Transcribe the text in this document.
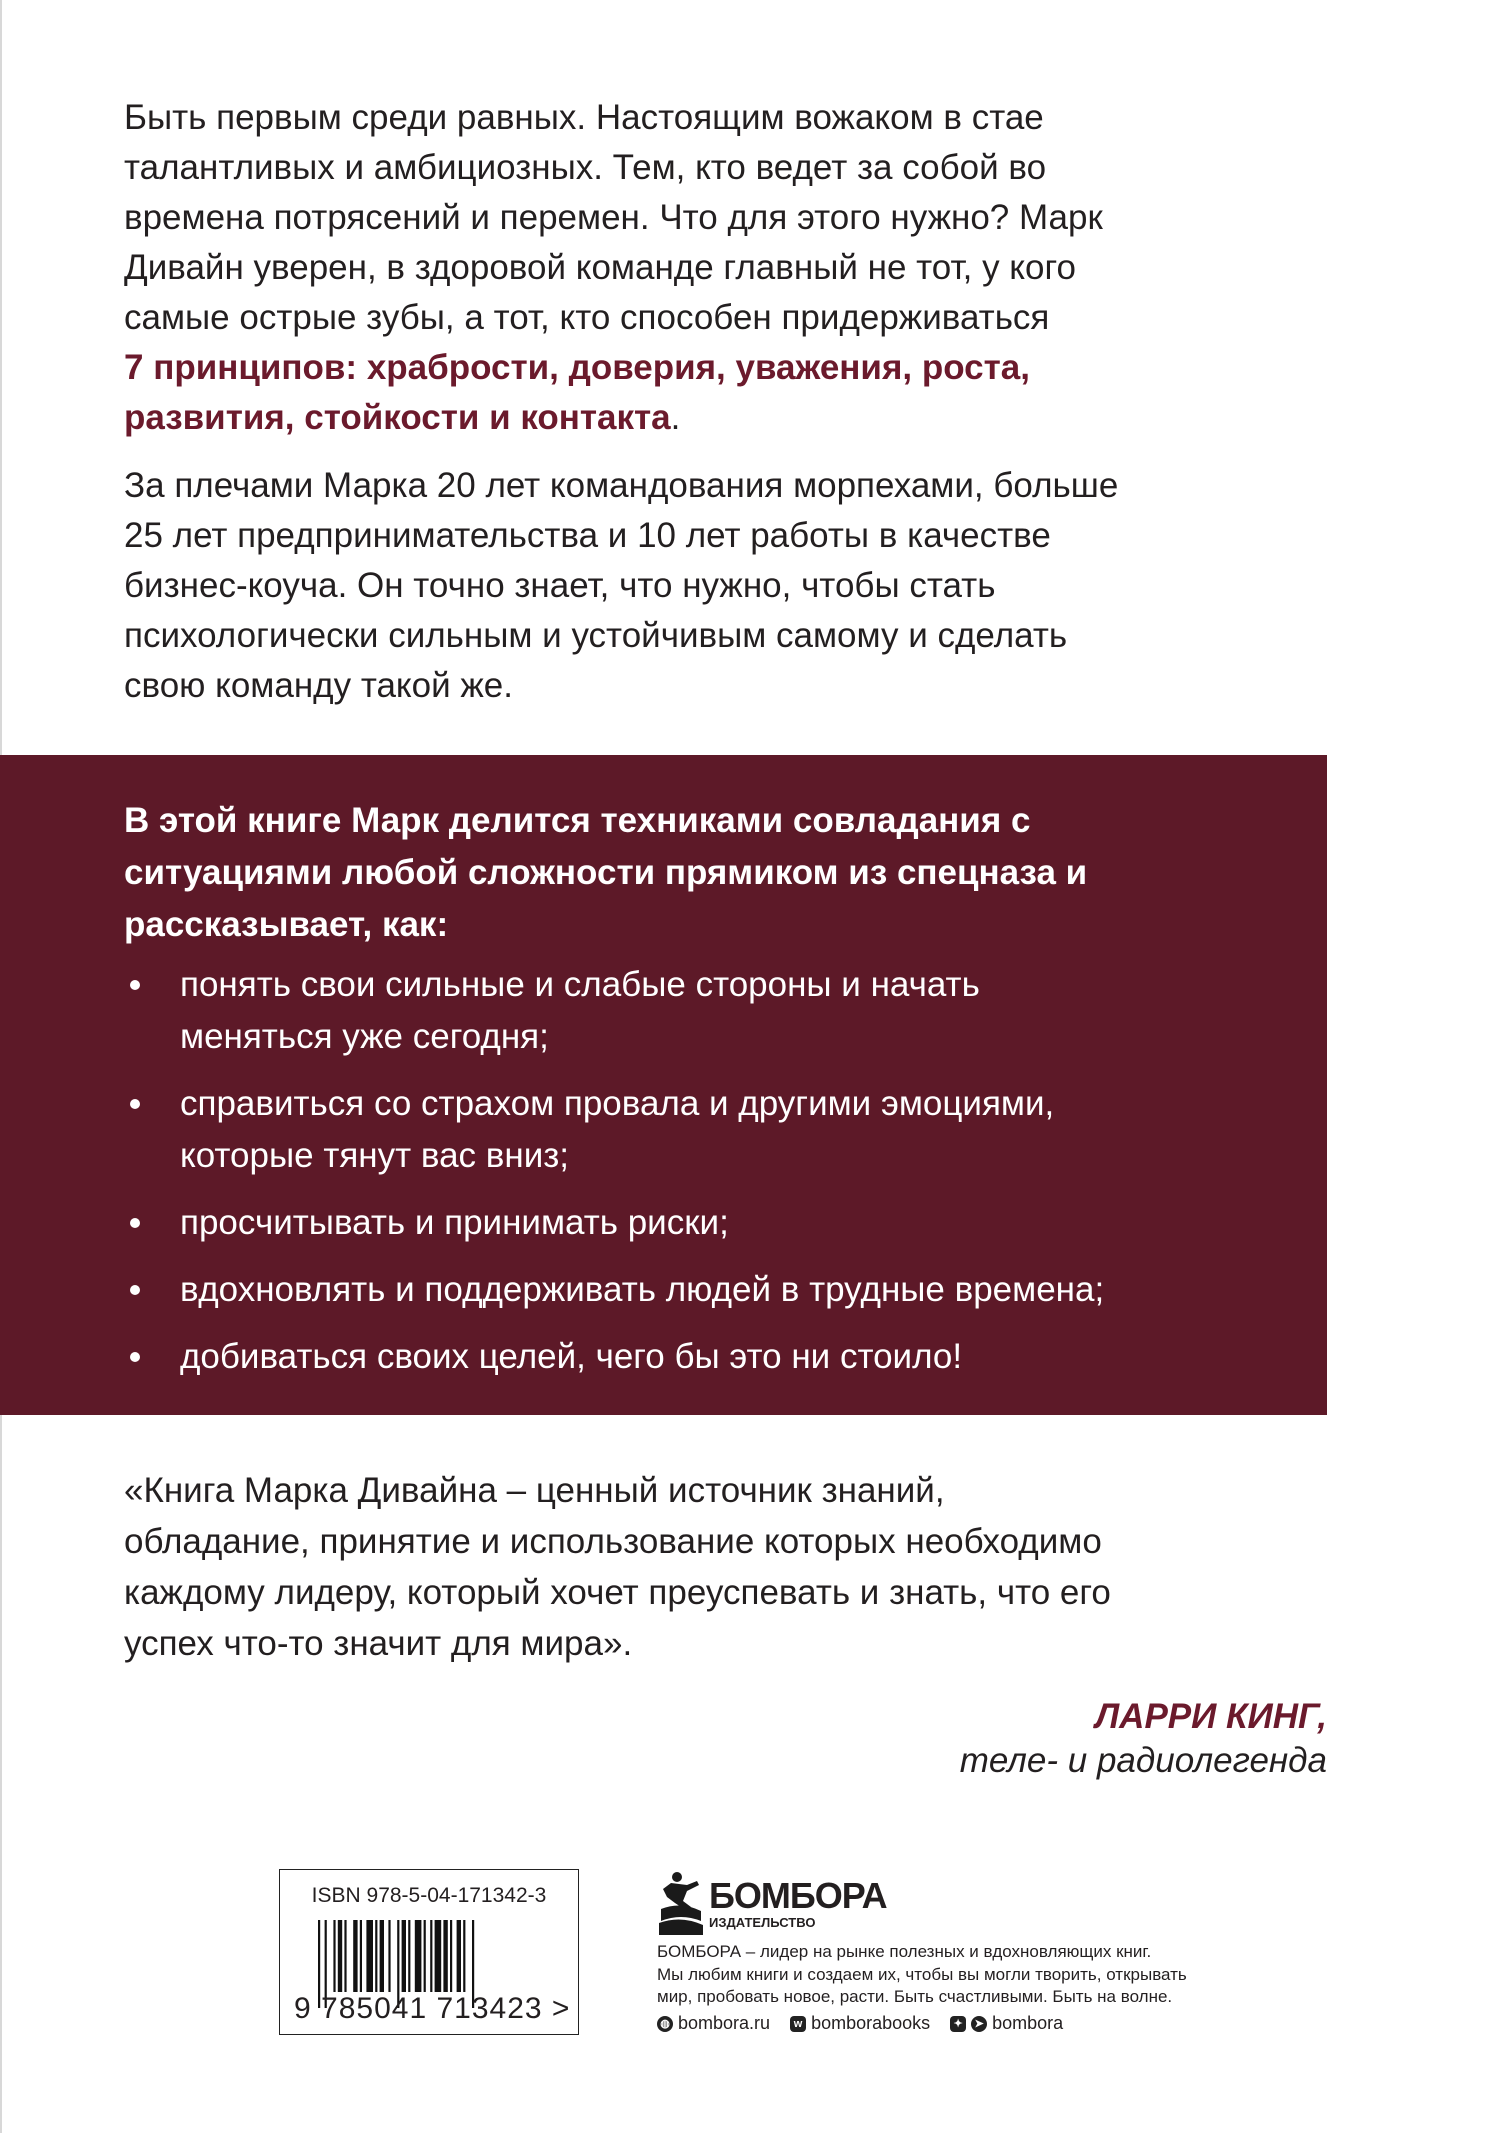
Быть первым среди равных. Настоящим вожаком в стае
талантливых и амбициозных. Тем, кто ведет за собой во
времена потрясений и перемен. Что для этого нужно? Марк
Дивайн уверен, в здоровой команде главный не тот, у кого
самые острые зубы, а тот, кто способен придерживаться
7 принципов: храбрости, доверия, уважения, роста,
развития, стойкости и контакта.
За плечами Марка 20 лет командования морпехами, больше
25 лет предпринимательства и 10 лет работы в качестве
бизнес-коуча. Он точно знает, что нужно, чтобы стать
психологически сильным и устойчивым самому и сделать
свою команду такой же.
В этой книге Марк делится техниками совладания с
ситуациями любой сложности прямиком из спецназа и
рассказывает, как:
понять свои сильные и слабые стороны и начать
меняться уже сегодня;
справиться со страхом провала и другими эмоциями,
которые тянут вас вниз;
просчитывать и принимать риски;
вдохновлять и поддерживать людей в трудные времена;
добиваться своих целей, чего бы это ни стоило!
«Книга Марка Дивайна – ценный источник знаний,
обладание, принятие и использование которых необходимо
каждому лидеру, который хочет преуспевать и знать, что его
успех что-то значит для мира».
ЛАРРИ КИНГ,
теле- и радиолегенда
ISBN 978-5-04-171342-3
9 785041 713423 >
БОМБОРА
ИЗДАТЕЛЬСТВО
БОМБОРА – лидер на рынке полезных и вдохновляющих книг.
Мы любим книги и создаем их, чтобы вы могли творить, открывать
мир, пробовать новое, расти. Быть счастливыми. Быть на волне.
◍ bombora.ru	w bomborabooks	✦	➤ bombora
